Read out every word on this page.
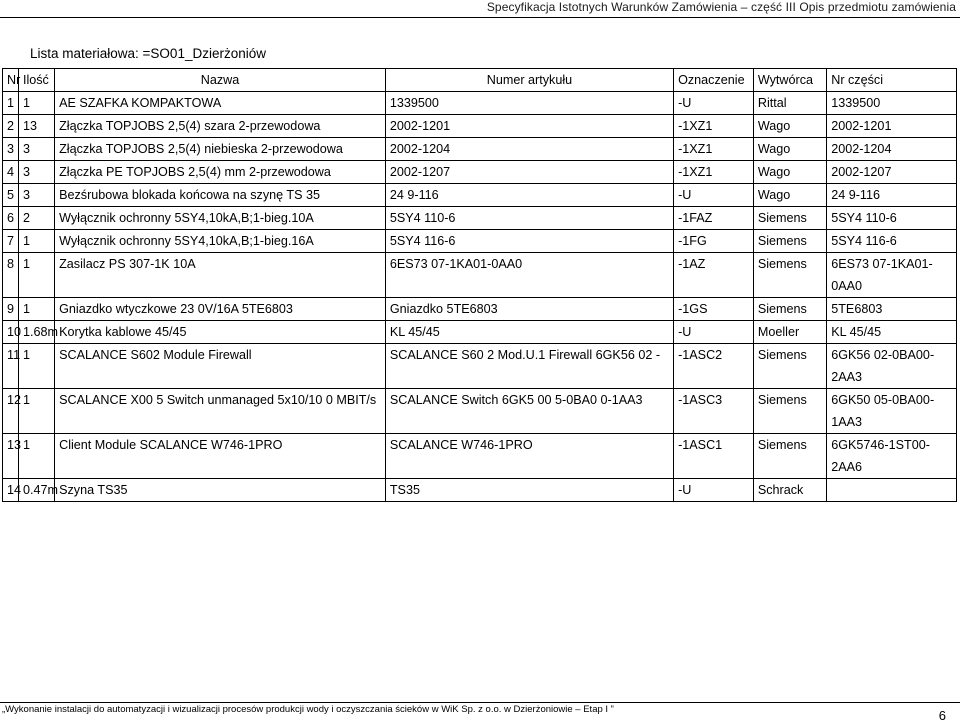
Specyfikacja Istotnych Warunków Zamówienia – część III Opis przedmiotu zamówienia
Lista materiałowa: =SO01_Dzierżoniów
Nr	Ilość	Nazwa	Numer artykułu	Oznaczenie	Wytwórca	Nr części
1	1	AE SZAFKA KOMPAKTOWA	1339500	-U	Rittal	1339500
2	13	Złączka TOPJOBS 2,5(4) szara 2-przewodowa	2002-1201	-1XZ1	Wago	2002-1201
3	3	Złączka TOPJOBS 2,5(4) niebieska 2-przewodowa	2002-1204	-1XZ1	Wago	2002-1204
4	3	Złączka PE TOPJOBS 2,5(4) mm 2-przewodowa	2002-1207	-1XZ1	Wago	2002-1207
5	3	Bezśrubowa blokada końcowa na szynę TS 35	24 9-116	-U	Wago	24 9-116
6	2	Wyłącznik ochronny 5SY4,10kA,B;1-bieg.10A	5SY4 110-6	-1FAZ	Siemens	5SY4 110-6
7	1	Wyłącznik ochronny 5SY4,10kA,B;1-bieg.16A	5SY4 116-6	-1FG	Siemens	5SY4 116-6
8	1	Zasilacz PS 307-1K 10A	6ES73 07-1KA01-0AA0	-1AZ	Siemens	6ES73 07-1KA01-0AA0
9	1	Gniazdko wtyczkowe 23 0V/16A 5TE6803	Gniazdko 5TE6803	-1GS	Siemens	5TE6803
10	1.68m	Korytka kablowe 45/45	KL 45/45	-U	Moeller	KL 45/45
11	1	SCALANCE S602 Module Firewall	SCALANCE S60 2 Mod.U.1 Firewall 6GK56 02 -	-1ASC2	Siemens	6GK56 02-0BA00-2AA3
12	1	SCALANCE X00 5 Switch unmanaged 5x10/10 0 MBIT/s	SCALANCE Switch 6GK5 00 5-0BA0 0-1AA3	-1ASC3	Siemens	6GK50 05-0BA00-1AA3
13	1	Client Module SCALANCE W746-1PRO	SCALANCE W746-1PRO	-1ASC1	Siemens	6GK5746-1ST00-2AA6
14	0.47m	Szyna TS35	TS35	-U	Schrack	
„Wykonanie instalacji do automatyzacji i wizualizacji procesów produkcji wody i oczyszczania ścieków w WiK Sp. z o.o. w Dzierżoniowie – Etap I ”	6
